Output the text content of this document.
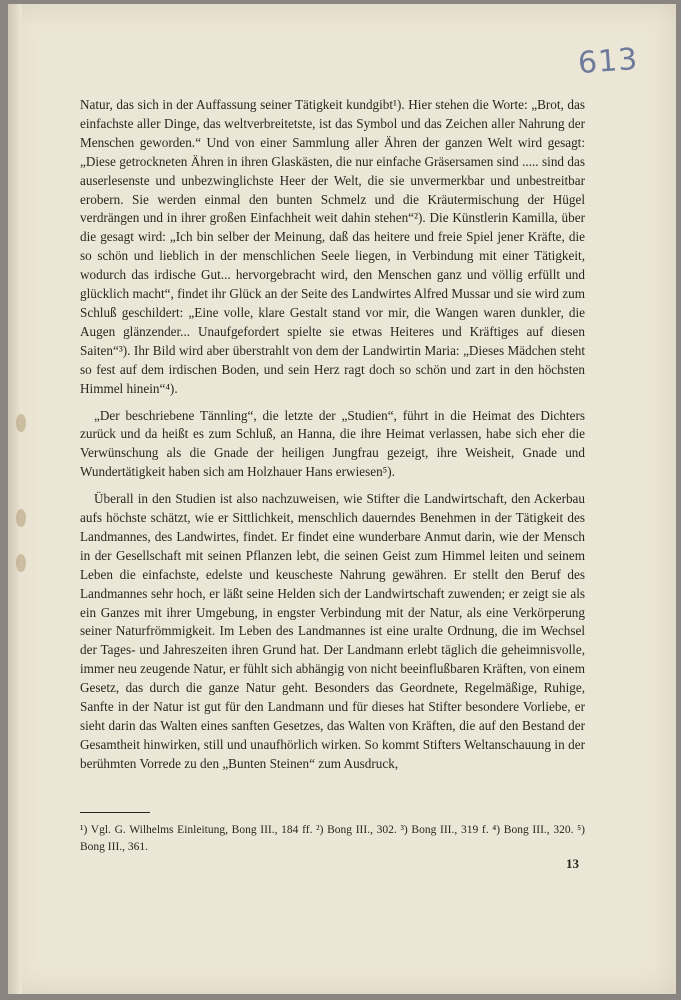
613

Natur, das sich in der Auffassung seiner Tätigkeit kundgibt¹). Hier stehen die Worte: „Brot, das einfachste aller Dinge, das weltverbreitetste, ist das Symbol und das Zeichen aller Nahrung der Menschen geworden.“ Und von einer Sammlung aller Ähren der ganzen Welt wird gesagt: „Diese getrockneten Ähren in ihren Glaskästen, die nur einfache Gräsersamen sind ..... sind das auserlesenste und unbezwinglichste Heer der Welt, die sie unvermerkbar und unbestreitbar erobern. Sie werden einmal den bunten Schmelz und die Kräutermischung der Hügel verdrängen und in ihrer großen Einfachheit weit dahin stehen“²). Die Künstlerin Kamilla, über die gesagt wird: „Ich bin selber der Meinung, daß das heitere und freie Spiel jener Kräfte, die so schön und lieblich in der menschlichen Seele liegen, in Verbindung mit einer Tätigkeit, wodurch das irdische Gut... hervorgebracht wird, den Menschen ganz und völlig erfüllt und glücklich macht“, findet ihr Glück an der Seite des Landwirtes Alfred Mussar und sie wird zum Schluß geschildert: „Eine volle, klare Gestalt stand vor mir, die Wangen waren dunkler, die Augen glänzender... Unaufgefordert spielte sie etwas Heiteres und Kräftiges auf diesen Saiten“³). Ihr Bild wird aber überstrahlt von dem der Landwirtin Maria: „Dieses Mädchen steht so fest auf dem irdischen Boden, und sein Herz ragt doch so schön und zart in den höchsten Himmel hinein“⁴).

„Der beschriebene Tännling“, die letzte der „Studien“, führt in die Heimat des Dichters zurück und da heißt es zum Schluß, an Hanna, die ihre Heimat verlassen, habe sich eher die Verwünschung als die Gnade der heiligen Jungfrau gezeigt, ihre Weisheit, Gnade und Wundertätigkeit haben sich am Holzhauer Hans erwiesen⁵).

Überall in den Studien ist also nachzuweisen, wie Stifter die Landwirtschaft, den Ackerbau aufs höchste schätzt, wie er Sittlichkeit, menschlich dauerndes Benehmen in der Tätigkeit des Landmannes, des Landwirtes, findet. Er findet eine wunderbare Anmut darin, wie der Mensch in der Gesellschaft mit seinen Pflanzen lebt, die seinen Geist zum Himmel leiten und seinem Leben die einfachste, edelste und keuscheste Nahrung gewähren. Er stellt den Beruf des Landmannes sehr hoch, er läßt seine Helden sich der Landwirtschaft zuwenden; er zeigt sie als ein Ganzes mit ihrer Umgebung, in engster Verbindung mit der Natur, als eine Verkörperung seiner Naturfrömmigkeit. Im Leben des Landmannes ist eine uralte Ordnung, die im Wechsel der Tages- und Jahreszeiten ihren Grund hat. Der Landmann erlebt täglich die geheimnisvolle, immer neu zeugende Natur, er fühlt sich abhängig von nicht beeinflußbaren Kräften, von einem Gesetz, das durch die ganze Natur geht. Besonders das Geordnete, Regelmäßige, Ruhige, Sanfte in der Natur ist gut für den Landmann und für dieses hat Stifter besondere Vorliebe, er sieht darin das Walten eines sanften Gesetzes, das Walten von Kräften, die auf den Bestand der Gesamtheit hinwirken, still und unaufhörlich wirken. So kommt Stifters Weltanschauung in der berühmten Vorrede zu den „Bunten Steinen“ zum Ausdruck,

¹) Vgl. G. Wilhelms Einleitung, Bong III., 184 ff. ²) Bong III., 302. ³) Bong III., 319 f. ⁴) Bong III., 320. ⁵) Bong III., 361.
13
